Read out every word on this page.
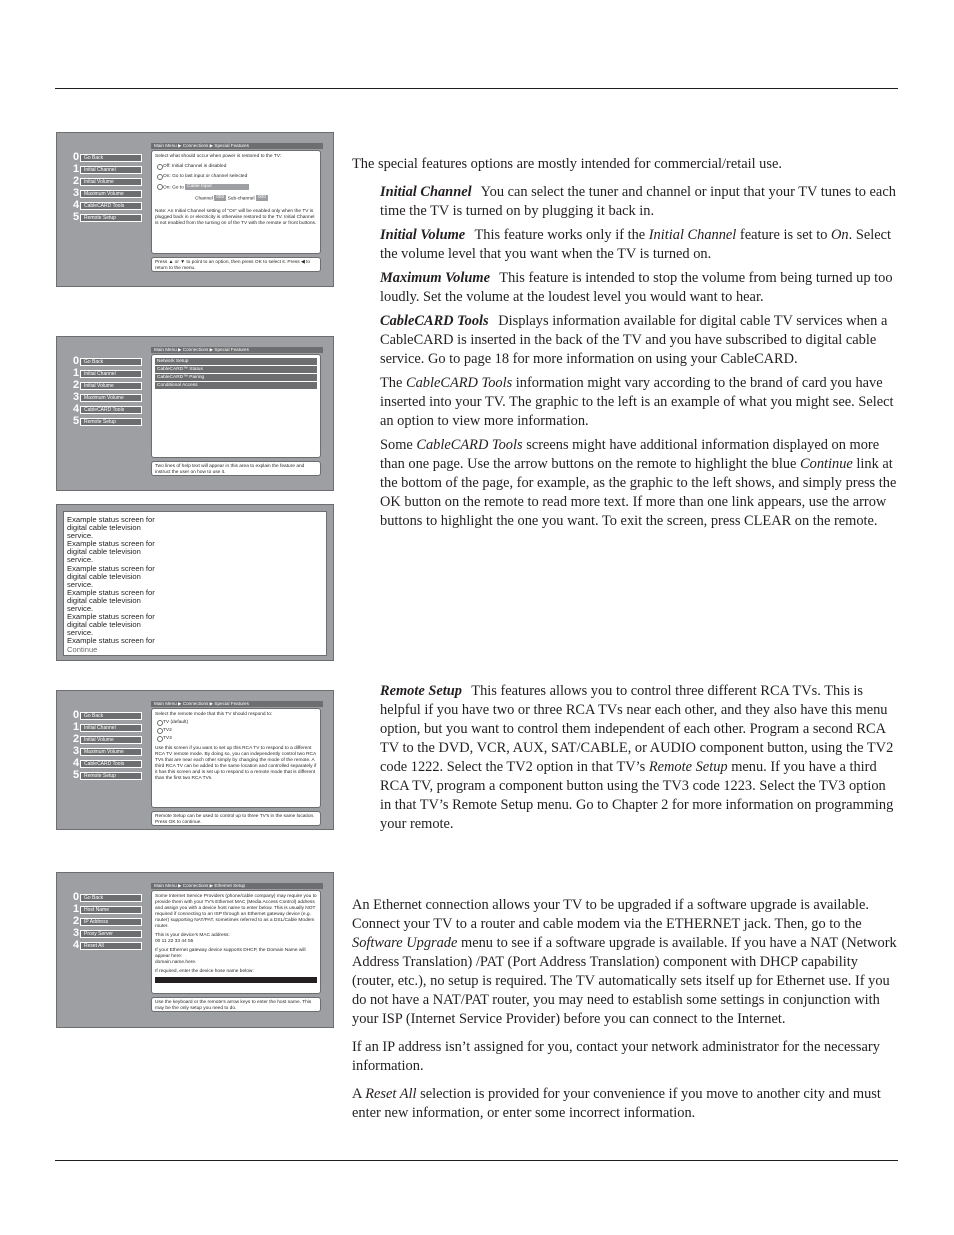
The special features options are mostly intended for commercial/retail use.

Initial Channel You can select the tuner and channel or input that your TV tunes to each time the TV is turned on by plugging it back in.

Initial Volume This feature works only if the Initial Channel feature is set to On. Select the volume level that you want when the TV is turned on.

Maximum Volume This feature is intended to stop the volume from being turned up too loudly. Set the volume at the loudest level you would want to hear.

CableCARD Tools Displays information available for digital cable TV services when a CableCARD is inserted in the back of the TV and you have subscribed to digital cable service. Go to page 18 for more information on using your CableCARD.

The CableCARD Tools information might vary according to the brand of card you have inserted into your TV. The graphic to the left is an example of what you might see. Select an option to view more information.

Some CableCARD Tools screens might have additional information displayed on more than one page. Use the arrow buttons on the remote to highlight the blue Continue link at the bottom of the page, for example, as the graphic to the left shows, and simply press the OK button on the remote to read more text. If more than one link appears, use the arrow buttons to highlight the one you want. To exit the screen, press CLEAR on the remote.

Remote Setup This features allows you to control three different RCA TVs. This is helpful if you have two or three RCA TVs near each other, and they also have this menu option, but you want to control them independent of each other. Program a second RCA TV to the DVD, VCR, AUX, SAT/CABLE, or AUDIO component button, using the TV2 code 1222. Select the TV2 option in that TV’s Remote Setup menu. If you have a third RCA TV, program a component button using the TV3 code 1223. Select the TV3 option in that TV’s Remote Setup menu. Go to Chapter 2 for more information on programming your remote.

An Ethernet connection allows your TV to be upgraded if a software upgrade is available. Connect your TV to a router and cable modem via the ETHERNET jack. Then, go to the Software Upgrade menu to see if a software upgrade is available. If you have a NAT (Network Address Translation) /PAT (Port Address Translation) component with DHCP capability (router, etc.), no setup is required. The TV automatically sets itself up for Ethernet use. If you do not have a NAT/PAT router, you may need to establish some settings in conjunction with your ISP (Internet Service Provider) before you can connect to the Internet.

If an IP address isn’t assigned for you, contact your network administrator for the necessary information.

A Reset All selection is provided for your convenience if you move to another city and must enter new information, or enter some incorrect information.

Main Menu ▶ Connections ▶ Special Features
0 Go Back
1 Initial Channel
2 Initial Volume
3 Maximum Volume
4 CableCARD Tools
5 Remote Setup
Select what should occur when power is restored to the TV:
Off: Initial Channel is disabled
On: Go to last input or channel selected
On: Go to Cable Input
Channel 002 Sub-channel 000
Note: An Initial Channel setting of "On" will be enabled only when the TV is plugged back in or electricity is otherwise restored to the TV. Initial Channel is not enabled from the turning on of the TV with the remote or front buttons.
Press ▲ or ▼ to point to an option, then press OK to select it. Press ◀ to return to the menu.
Main Menu ▶ Connections ▶ Special Features
0 Go Back
1 Initial Channel
2 Initial Volume
3 Maximum Volume
4 CableCARD Tools
5 Remote Setup
Network Setup
CableCARD™ Status
CableCARD™ Pairing
Conditional Access
Two lines of help text will appear in this area to explain the feature and instruct the user on how to use it.
Example status screen for digital cable television service.
Example status screen for digital cable television service.
Example status screen for digital cable television service.
Example status screen for digital cable television service.
Example status screen for digital cable television service.
Example status screen for
Continue
Main Menu ▶ Connections ▶ Special Features
0 Go Back
1 Initial Channel
2 Initial Volume
3 Maximum Volume
4 CableCARD Tools
5 Remote Setup
Select the remote mode that this TV should respond to:
TV (default)
TV2
TV3
Use this screen if you want to set up this RCA TV to respond to a different RCA TV remote mode. By doing so, you can independently control two RCA TVs that are near each other simply by changing the mode of the remote. A third RCA TV can be added to the same location and controlled separately if it has this screen and is set up to respond to a remote mode that is different than the first two RCA TVs.
Remote Setup can be used to control up to three TV's in the same location. Press OK to continue.
Main Menu ▶ Connections ▶ Ethernet Setup
0 Go Back
1 Host Name
2 IP Address
3 Proxy Server
4 Reset All
Some Internet Service Providers (phone/cable company) may require you to provide them with your TV's Ethernet MAC (Media Access Control) address and assign you with a device host name to enter below. This is usually NOT required if connecting to an ISP through an Ethernet gateway device (e.g. router) supporting NAT/PAT, sometimes referred to as a DSL/Cable Modem router.
This is your device's MAC address:
00 11 22 33 44 55
If your Ethernet gateway device supports DHCP, the Domain Name will appear here:
domain.name.here.
If required, enter the device hose name below:
Use the keyboard or the remote's arrow keys to enter the host name. This may be the only setup you need to do.
